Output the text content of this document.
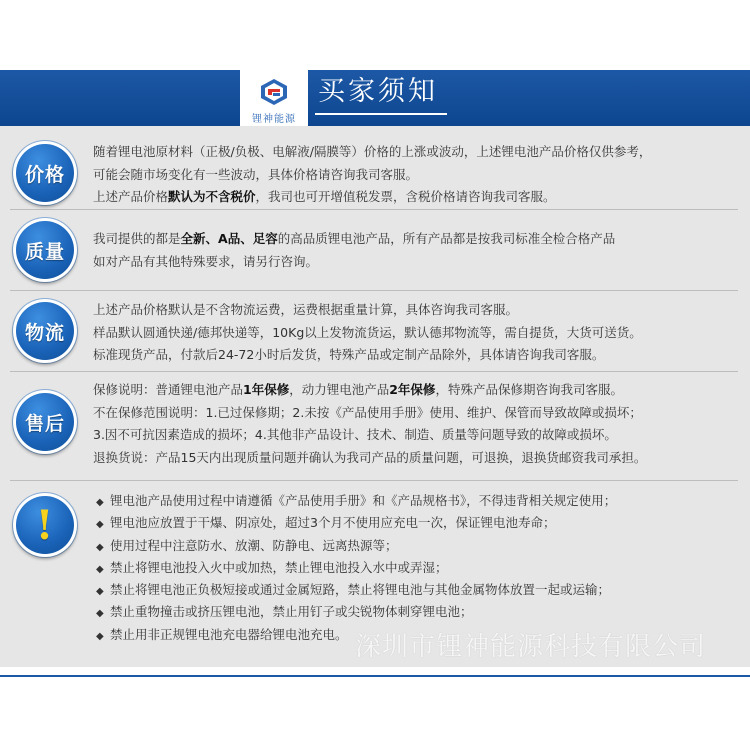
锂神能源
买家须知
价格
随着锂电池原材料（正极/负极、电解液/隔膜等）价格的上涨或波动，上述锂电池产品价格仅供参考，
可能会随市场变化有一些波动，具体价格请咨询我司客服。
上述产品价格默认为不含税价，我司也可开增值税发票，含税价格请咨询我司客服。
质量
我司提供的都是全新、A品、足容的高品质锂电池产品，所有产品都是按我司标准全检合格产品
如对产品有其他特殊要求，请另行咨询。
物流
上述产品价格默认是不含物流运费，运费根据重量计算，具体咨询我司客服。
样品默认圆通快递/德邦快递等，10Kg以上发物流货运，默认德邦物流等，需自提货，大货可送货。
标准现货产品，付款后24-72小时后发货，特殊产品或定制产品除外，具体请咨询我司客服。
售后
保修说明：普通锂电池产品1年保修，动力锂电池产品2年保修，特殊产品保修期咨询我司客服。
不在保修范围说明：1.已过保修期；2.未按《产品使用手册》使用、维护、保管而导致故障或损坏；
3.因不可抗因素造成的损坏；4.其他非产品设计、技术、制造、质量等问题导致的故障或损坏。
退换货说：产品15天内出现质量问题并确认为我司产品的质量问题，可退换，退换货邮资我司承担。
!	◆ 锂电池产品使用过程中请遵循《产品使用手册》和《产品规格书》，不得违背相关规定使用；
◆ 锂电池应放置于干爆、阴凉处，超过3个月不使用应充电一次，保证锂电池寿命；
◆ 使用过程中注意防水、放潮、防静电、远离热源等；
◆ 禁止将锂电池投入火中或加热，禁止锂电池投入水中或弄湿；
◆ 禁止将锂电池正负极短接或通过金属短路，禁止将锂电池与其他金属物体放置一起或运输；
◆ 禁止重物撞击或挤压锂电池，禁止用钉子或尖锐物体刺穿锂电池；
◆ 禁止用非正规锂电池充电器给锂电池充电。 深圳市锂神能源科技有限公司
